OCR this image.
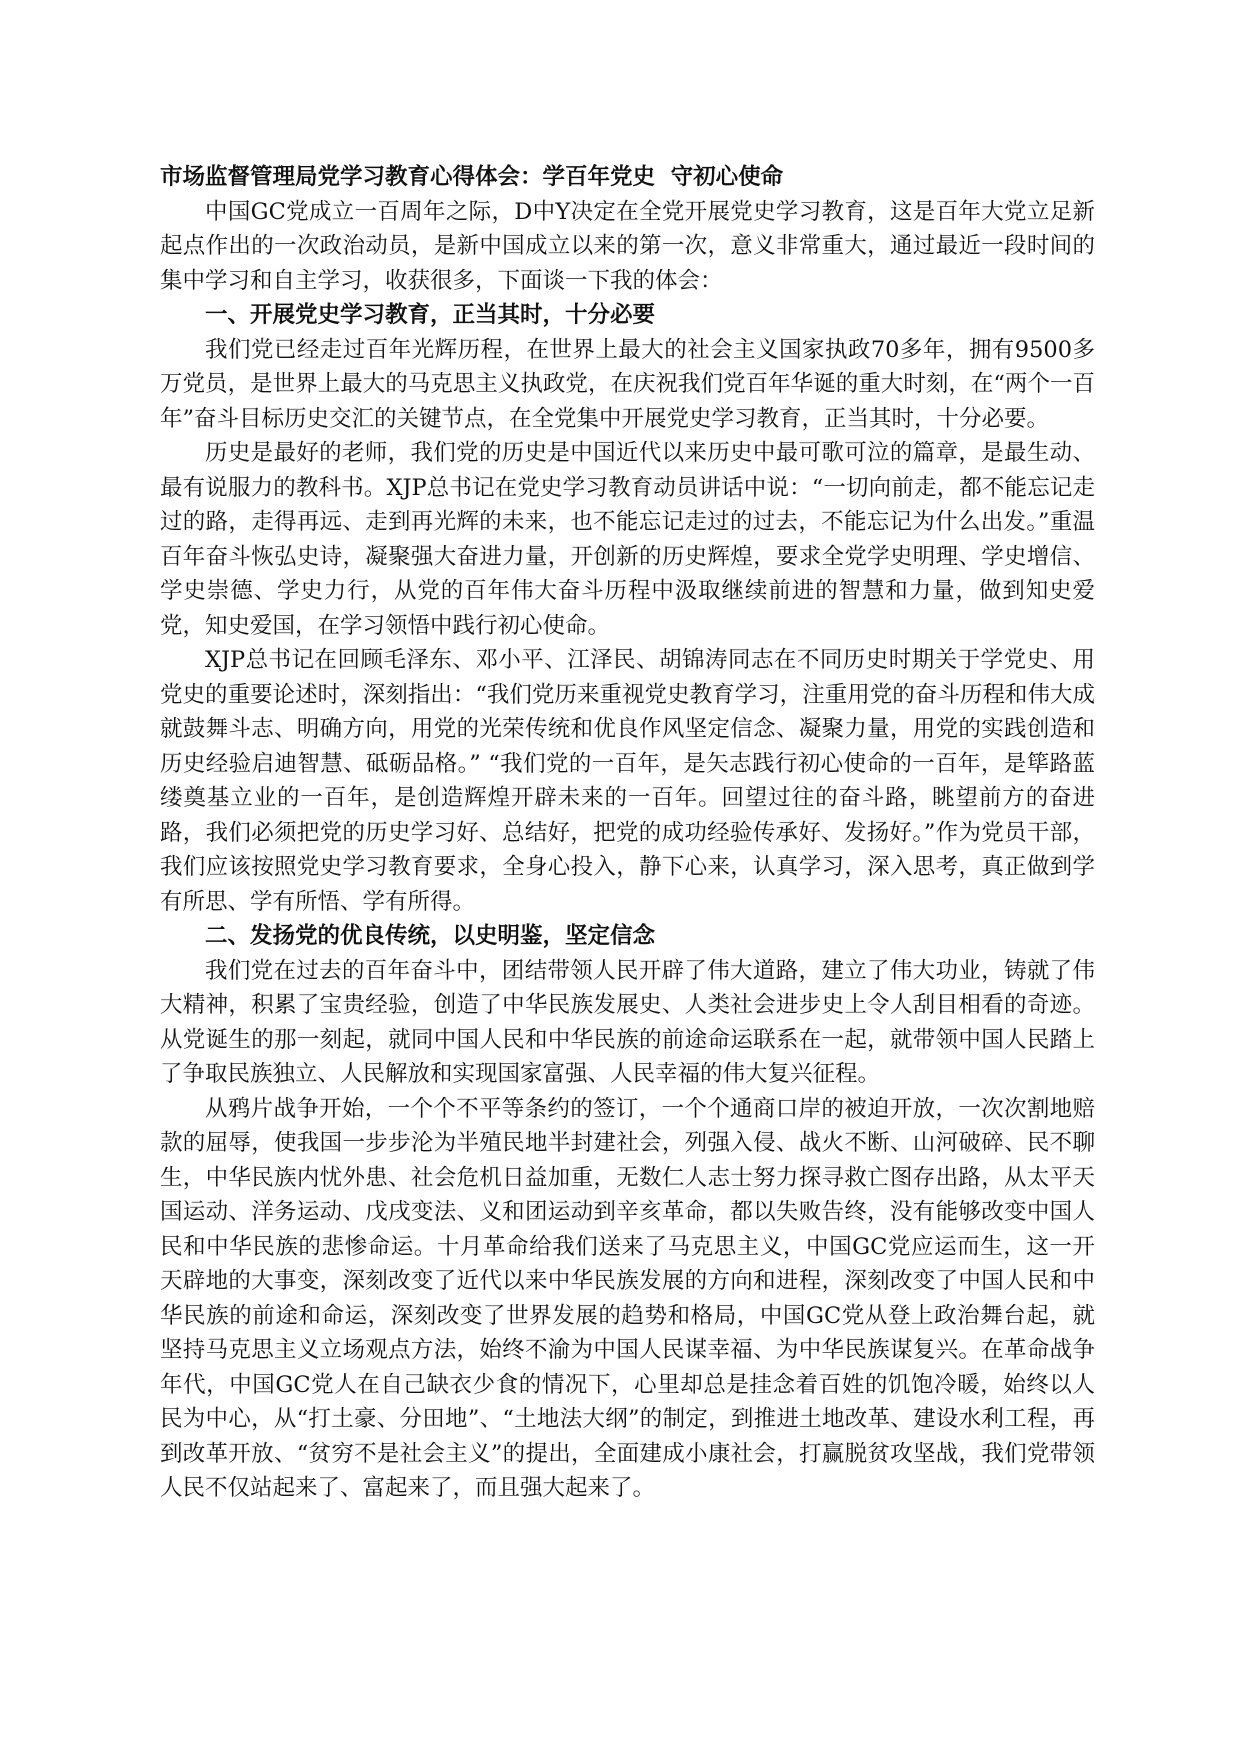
市场监督管理局党学习教育心得体会：学百年党史  守初心使命

中国GC党成立一百周年之际，D中Y决定在全党开展党史学习教育，这是百年大党立足新起点作出的一次政治动员，是新中国成立以来的第一次，意义非常重大，通过最近一段时间的集中学习和自主学习，收获很多，下面谈一下我的体会：

一、开展党史学习教育，正当其时，十分必要

我们党已经走过百年光辉历程，在世界上最大的社会主义国家执政70多年，拥有9500多万党员，是世界上最大的马克思主义执政党，在庆祝我们党百年华诞的重大时刻，在“两个一百年”奋斗目标历史交汇的关键节点，在全党集中开展党史学习教育，正当其时，十分必要。

历史是最好的老师，我们党的历史是中国近代以来历史中最可歌可泣的篇章，是最生动、最有说服力的教科书。XJP总书记在党史学习教育动员讲话中说：“一切向前走，都不能忘记走过的路，走得再远、走到再光辉的未来，也不能忘记走过的过去，不能忘记为什么出发。”重温百年奋斗恢弘史诗，凝聚强大奋进力量，开创新的历史辉煌，要求全党学史明理、学史增信、学史崇德、学史力行，从党的百年伟大奋斗历程中汲取继续前进的智慧和力量，做到知史爱党，知史爱国，在学习领悟中践行初心使命。

XJP总书记在回顾毛泽东、邓小平、江泽民、胡锦涛同志在不同历史时期关于学党史、用党史的重要论述时，深刻指出：“我们党历来重视党史教育学习，注重用党的奋斗历程和伟大成就鼓舞斗志、明确方向，用党的光荣传统和优良作风坚定信念、凝聚力量，用党的实践创造和历史经验启迪智慧、砥砺品格。” “我们党的一百年，是矢志践行初心使命的一百年，是筚路蓝缕奠基立业的一百年，是创造辉煌开辟未来的一百年。回望过往的奋斗路，眺望前方的奋进路，我们必须把党的历史学习好、总结好，把党的成功经验传承好、发扬好。”作为党员干部，我们应该按照党史学习教育要求，全身心投入，静下心来，认真学习，深入思考，真正做到学有所思、学有所悟、学有所得。

二、发扬党的优良传统，以史明鉴，坚定信念

我们党在过去的百年奋斗中，团结带领人民开辟了伟大道路，建立了伟大功业，铸就了伟大精神，积累了宝贵经验，创造了中华民族发展史、人类社会进步史上令人刮目相看的奇迹。从党诞生的那一刻起，就同中国人民和中华民族的前途命运联系在一起，就带领中国人民踏上了争取民族独立、人民解放和实现国家富强、人民幸福的伟大复兴征程。

从鸦片战争开始，一个个不平等条约的签订，一个个通商口岸的被迫开放，一次次割地赔款的屈辱，使我国一步步沦为半殖民地半封建社会，列强入侵、战火不断、山河破碎、民不聊生，中华民族内忧外患、社会危机日益加重，无数仁人志士努力探寻救亡图存出路，从太平天国运动、洋务运动、戊戌变法、义和团运动到辛亥革命，都以失败告终，没有能够改变中国人民和中华民族的悲惨命运。十月革命给我们送来了马克思主义，中国GC党应运而生，这一开天辟地的大事变，深刻改变了近代以来中华民族发展的方向和进程，深刻改变了中国人民和中华民族的前途和命运，深刻改变了世界发展的趋势和格局，中国GC党从登上政治舞台起，就坚持马克思主义立场观点方法，始终不渝为中国人民谋幸福、为中华民族谋复兴。在革命战争年代，中国GC党人在自己缺衣少食的情况下，心里却总是挂念着百姓的饥饱冷暖，始终以人民为中心，从“打土豪、分田地”、“土地法大纲”的制定，到推进土地改革、建设水利工程，再到改革开放、“贫穷不是社会主义”的提出，全面建成小康社会，打赢脱贫攻坚战，我们党带领人民不仅站起来了、富起来了，而且强大起来了。
